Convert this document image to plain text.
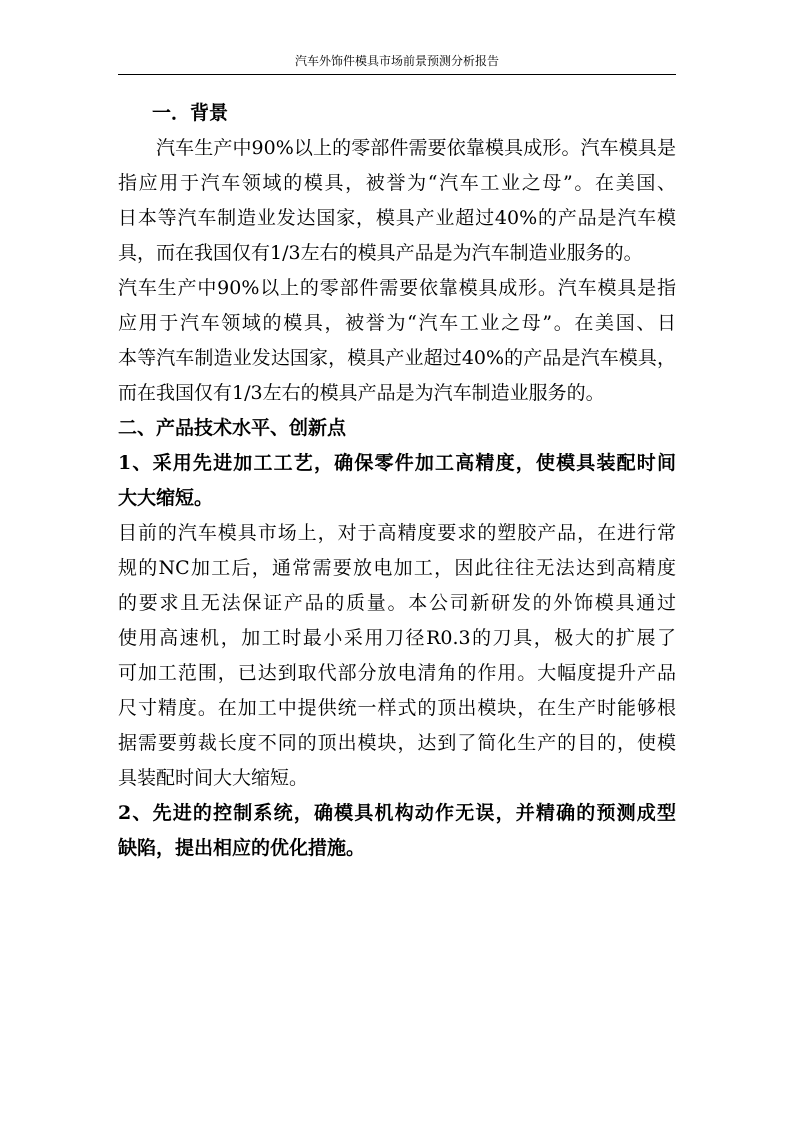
汽车外饰件模具市场前景预测分析报告
一．背景
汽车生产中90%以上的零部件需要依靠模具成形。汽车模具是
指应用于汽车领域的模具，被誉为“汽车工业之母”。在美国、
日本等汽车制造业发达国家，模具产业超过40%的产品是汽车模
具，而在我国仅有1/3左右的模具产品是为汽车制造业服务的。
汽车生产中90%以上的零部件需要依靠模具成形。汽车模具是指
应用于汽车领域的模具，被誉为“汽车工业之母”。在美国、日
本等汽车制造业发达国家，模具产业超过40%的产品是汽车模具，
而在我国仅有1/3左右的模具产品是为汽车制造业服务的。
二、产品技术水平、创新点
1、采用先进加工工艺，确保零件加工高精度，使模具装配时间
大大缩短。
目前的汽车模具市场上，对于高精度要求的塑胶产品，在进行常
规的NC加工后，通常需要放电加工，因此往往无法达到高精度
的要求且无法保证产品的质量。本公司新研发的外饰模具通过
使用高速机，加工时最小采用刀径R0.3的刀具，极大的扩展了
可加工范围，已达到取代部分放电清角的作用。大幅度提升产品
尺寸精度。在加工中提供统一样式的顶出模块，在生产时能够根
据需要剪裁长度不同的顶出模块，达到了简化生产的目的，使模
具装配时间大大缩短。
2、先进的控制系统，确模具机构动作无误，并精确的预测成型
缺陷，提出相应的优化措施。
